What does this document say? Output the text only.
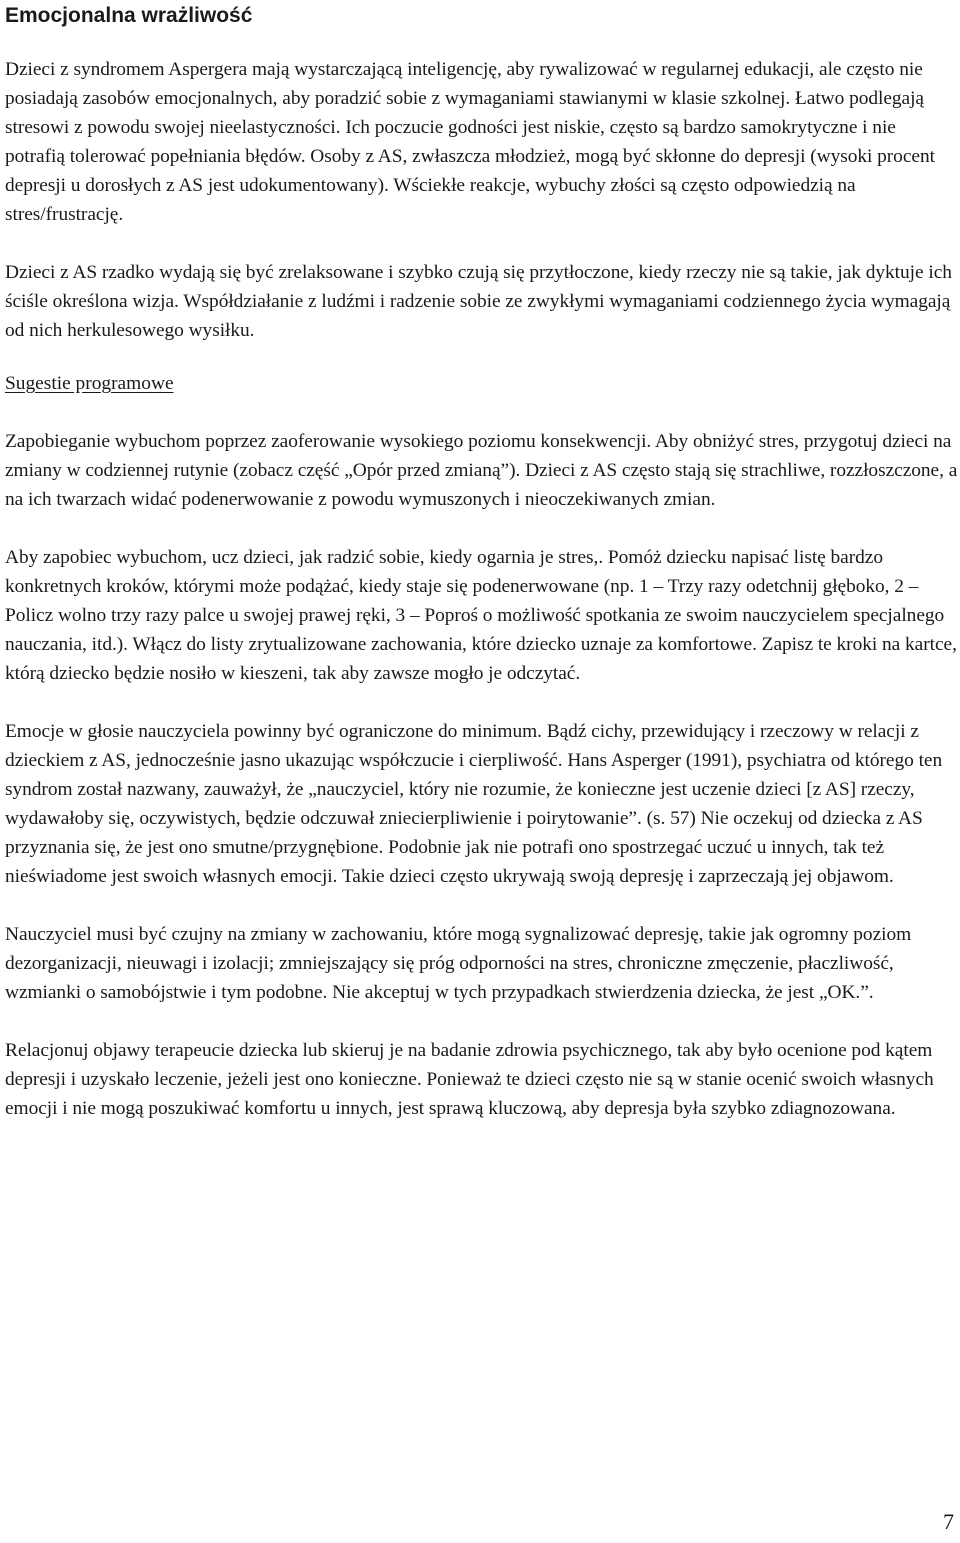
Emocjonalna wrażliwość

Dzieci z syndromem Aspergera mają wystarczającą inteligencję, aby rywalizować w regularnej edukacji, ale często nie posiadają zasobów emocjonalnych, aby poradzić sobie z wymaganiami stawianymi w klasie szkolnej. Łatwo podlegają stresowi z powodu swojej nieelastyczności. Ich poczucie godności jest niskie, często są bardzo samokrytyczne i nie potrafią tolerować popełniania błędów. Osoby z AS, zwłaszcza młodzież, mogą być skłonne do depresji (wysoki procent depresji u dorosłych z AS jest udokumentowany). Wściekłe reakcje, wybuchy złości są często odpowiedzią na stres/frustrację.

Dzieci z AS rzadko wydają się być zrelaksowane i szybko czują się przytłoczone, kiedy rzeczy nie są takie, jak dyktuje ich ściśle określona wizja. Współdziałanie z ludźmi i radzenie sobie ze zwykłymi wymaganiami codziennego życia wymagają od nich herkulesowego wysiłku.

Sugestie programowe

Zapobieganie wybuchom poprzez zaoferowanie wysokiego poziomu konsekwencji. Aby obniżyć stres, przygotuj dzieci na zmiany w codziennej rutynie (zobacz część „Opór przed zmianą”). Dzieci z AS często stają się strachliwe, rozzłoszczone, a na ich twarzach widać podenerwowanie z powodu wymuszonych i nieoczekiwanych zmian.

Aby zapobiec wybuchom, ucz dzieci, jak radzić sobie, kiedy ogarnia je stres,. Pomóż dziecku napisać listę bardzo konkretnych kroków, którymi może podążać, kiedy staje się podenerwowane (np. 1 – Trzy razy odetchnij głęboko, 2 – Policz wolno trzy razy palce u swojej prawej ręki, 3 – Poproś o możliwość spotkania ze swoim nauczycielem specjalnego nauczania, itd.). Włącz do listy zrytualizowane zachowania, które dziecko uznaje za komfortowe. Zapisz te kroki na kartce, którą dziecko będzie nosiło w kieszeni, tak aby zawsze mogło je odczytać.

Emocje w głosie nauczyciela powinny być ograniczone do minimum. Bądź cichy, przewidujący i rzeczowy w relacji z dzieckiem z AS, jednocześnie jasno ukazując współczucie i cierpliwość. Hans Asperger (1991), psychiatra od którego ten syndrom został nazwany, zauważył, że „nauczyciel, który nie rozumie, że konieczne jest uczenie dzieci [z AS] rzeczy, wydawałoby się, oczywistych, będzie odczuwał zniecierpliwienie i poirytowanie”. (s. 57) Nie oczekuj od dziecka z AS przyznania się, że jest ono smutne/przygnębione. Podobnie jak nie potrafi ono spostrzegać uczuć u innych, tak też nieświadome jest swoich własnych emocji. Takie dzieci często ukrywają swoją depresję i zaprzeczają jej objawom.

Nauczyciel musi być czujny na zmiany w zachowaniu, które mogą sygnalizować depresję, takie jak ogromny poziom dezorganizacji, nieuwagi i izolacji; zmniejszający się próg odporności na stres, chroniczne zmęczenie, płaczliwość, wzmianki o samobójstwie i tym podobne. Nie akceptuj w tych przypadkach stwierdzenia dziecka, że jest „OK.”.

Relacjonuj objawy terapeucie dziecka lub skieruj je na badanie zdrowia psychicznego, tak aby było ocenione pod kątem depresji i uzyskało leczenie, jeżeli jest ono konieczne. Ponieważ te dzieci często nie są w stanie ocenić swoich własnych emocji i nie mogą poszukiwać komfortu u innych, jest sprawą kluczową, aby depresja była szybko zdiagnozowana.

7
